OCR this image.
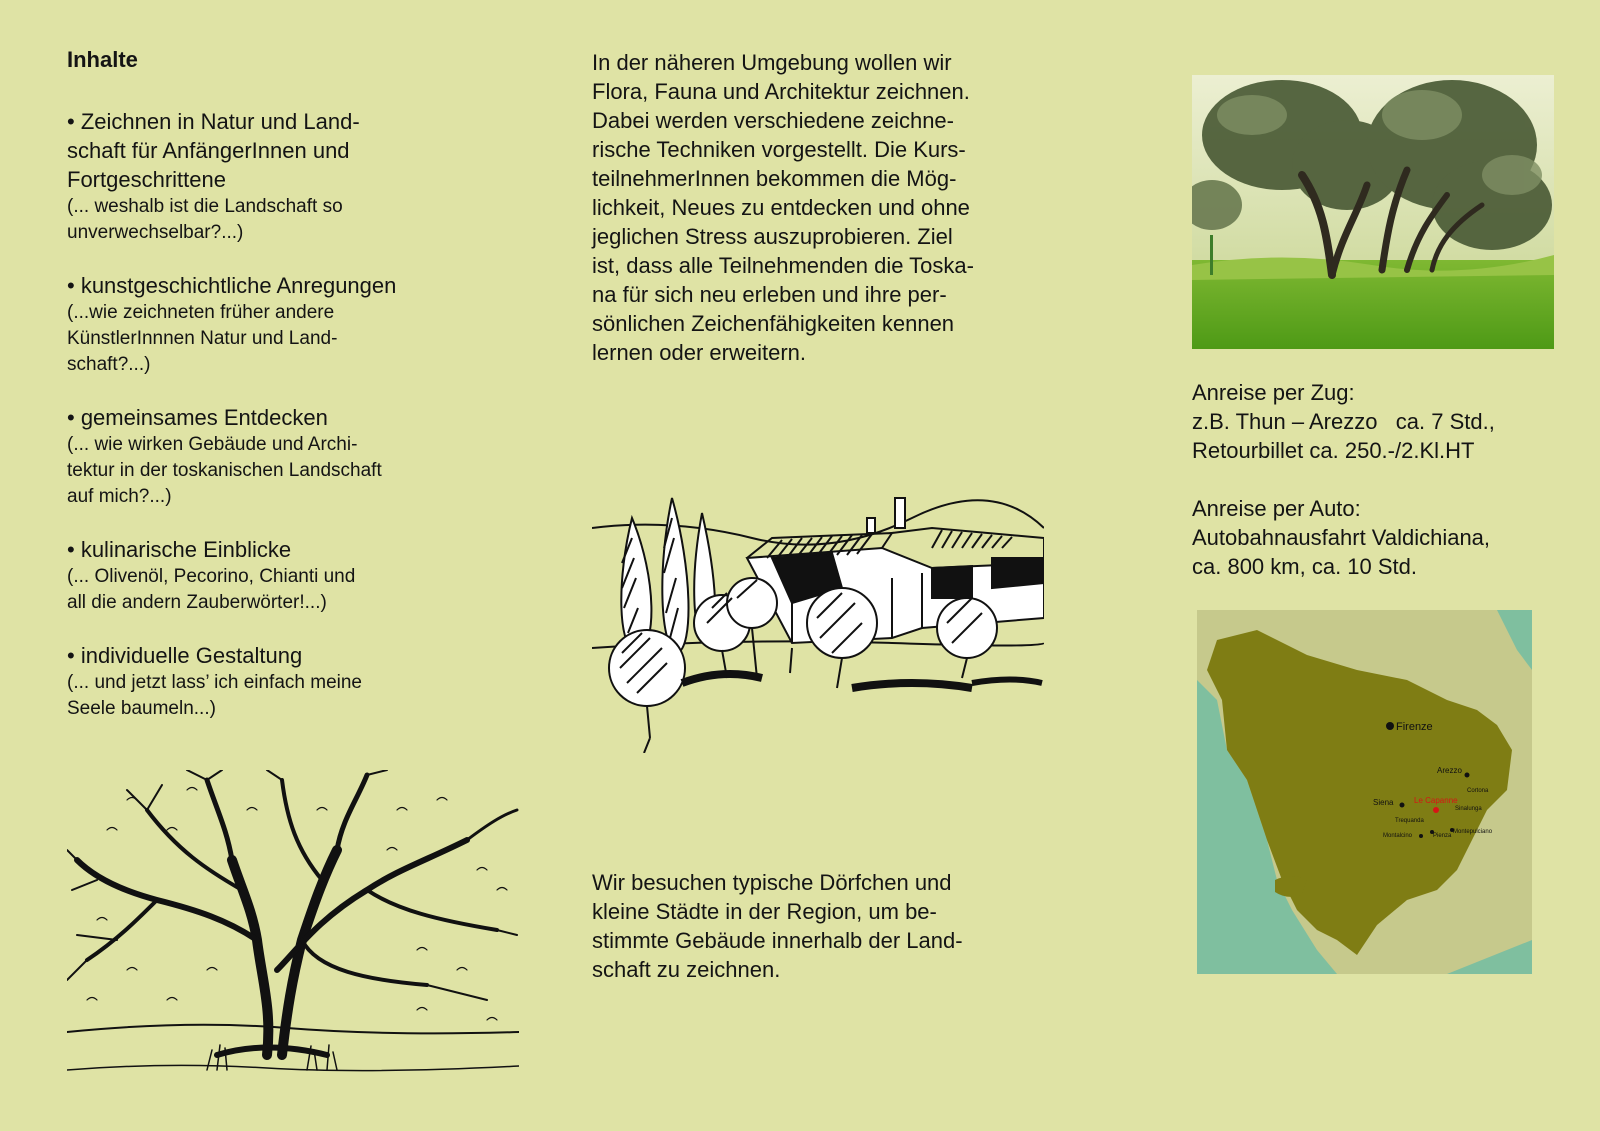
Inhalte

• Zeichnen in Natur und Land-
schaft für AnfängerInnen und
Fortgeschrittene

(... weshalb ist die Landschaft so
unverwechselbar?...)

• kunstgeschichtliche Anregungen

(...wie zeichneten früher andere
KünstlerInnnen Natur und Land-
schaft?...)

• gemeinsames Entdecken

(... wie wirken Gebäude und Archi-
tektur in der toskanischen Landschaft
auf mich?...)

• kulinarische Einblicke

(... Olivenöl, Pecorino, Chianti und
all die andern Zauberwörter!...)

• individuelle Gestaltung

(... und jetzt lass’ ich einfach meine
Seele baumeln...)

In der näheren Umgebung wollen wir
Flora, Fauna und Architektur zeichnen.
Dabei werden verschiedene zeichne-
rische Techniken vorgestellt. Die Kurs-
teilnehmerInnen bekommen die Mög-
lichkeit, Neues zu entdecken und ohne
jeglichen Stress auszuprobieren. Ziel
ist, dass alle Teilnehmenden die Toska-
na für sich neu erleben und ihre per-
sönlichen Zeichenfähigkeiten kennen
lernen oder erweitern.

Wir besuchen typische Dörfchen und
kleine Städte in der Region, um be-
stimmte Gebäude innerhalb der Land-
schaft zu zeichnen.

Anreise per Zug:

z.B. Thun – Arezzo   ca. 7 Std.,

Retourbillet ca. 250.-/2.Kl.HT

Anreise per Auto:

Autobahnausfahrt Valdichiana,

ca. 800 km, ca. 10 Std.

Firenze
Arezzo
Siena	Le Capanne
Cortona
Sinalunga
Trequanda
Montalcino	Pienza
Montepulciano
